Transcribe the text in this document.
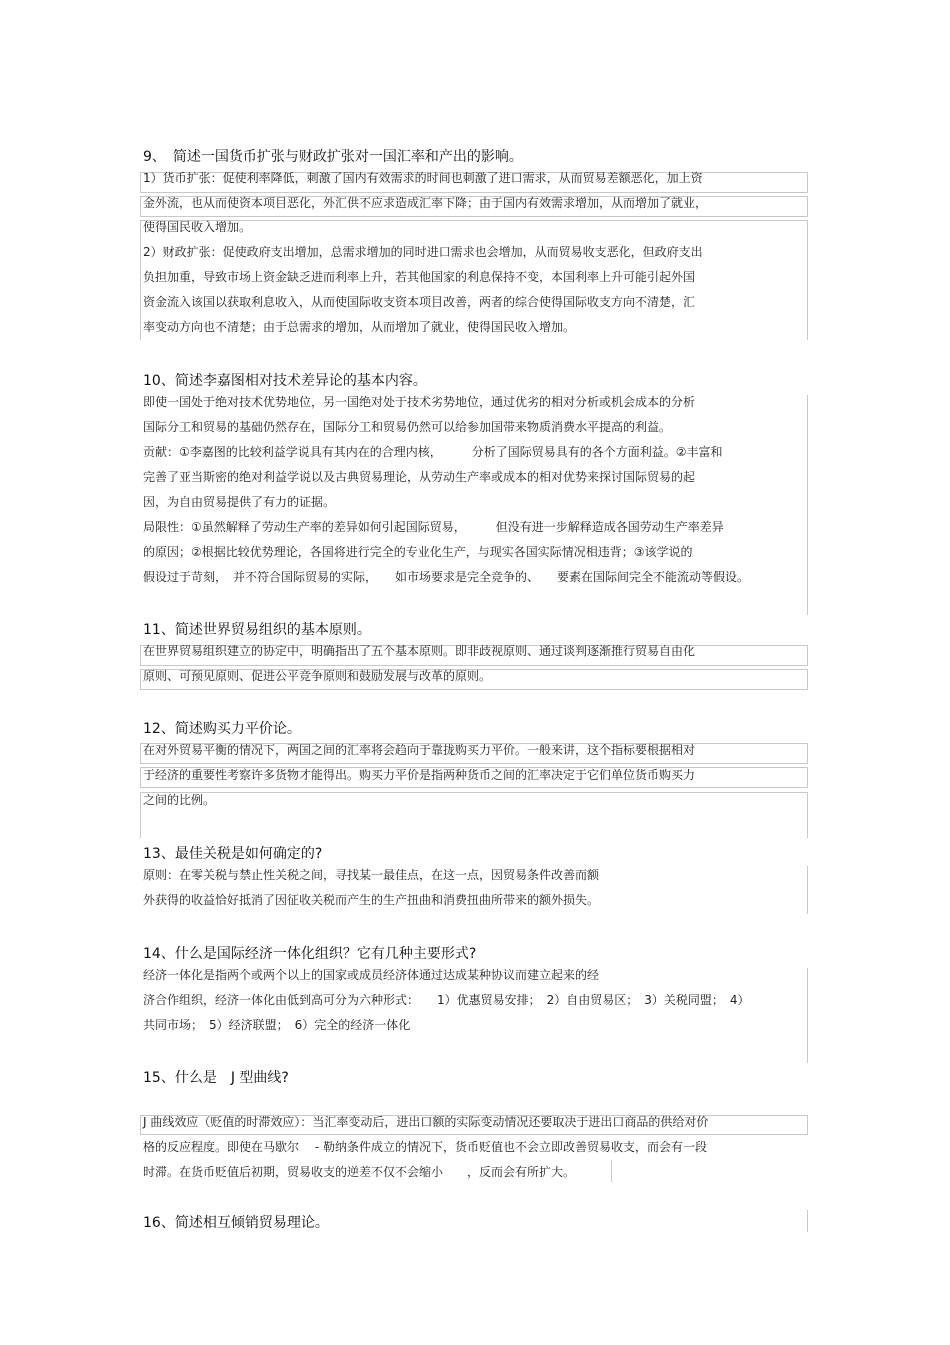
9、　简述一国货币扩张与财政扩张对一国汇率和产出的影响。
1）货币扩张：促使利率降低，刺激了国内有效需求的时间也刺激了进口需求，从而贸易差额恶化，加上资
金外流，也从而使资本项目恶化，外汇供不应求造成汇率下降；由于国内有效需求增加，从而增加了就业，
使得国民收入增加。
2）财政扩张：促使政府支出增加，总需求增加的同时进口需求也会增加，从而贸易收支恶化，但政府支出
负担加重，导致市场上资金缺乏进而利率上升，若其他国家的利息保持不变，本国利率上升可能引起外国
资金流入该国以获取利息收入，从而使国际收支资本项目改善，两者的综合使得国际收支方向不清楚，汇
率变动方向也不清楚；由于总需求的增加，从而增加了就业，使得国民收入增加。
10、简述李嘉图相对技术差异论的基本内容。
即使一国处于绝对技术优势地位，另一国绝对处于技术劣势地位，通过优劣的相对分析或机会成本的分析
国际分工和贸易的基础仍然存在，国际分工和贸易仍然可以给参加国带来物质消费水平提高的利益。
贡献：①李嘉图的比较利益学说具有其内在的合理内核，　　　分析了国际贸易具有的各个方面利益。②丰富和
完善了亚当斯密的绝对利益学说以及古典贸易理论，从劳动生产率或成本的相对优势来探讨国际贸易的起
因，为自由贸易提供了有力的证据。
局限性：①虽然解释了劳动生产率的差异如何引起国际贸易，　　　但没有进一步解释造成各国劳动生产率差异
的原因；②根据比较优势理论，各国将进行完全的专业化生产，与现实各国实际情况相违背；③该学说的
假设过于苛刻，　并不符合国际贸易的实际，　　如市场要求是完全竞争的、　　要素在国际间完全不能流动等假设。
11、简述世界贸易组织的基本原则。
在世界贸易组织建立的协定中，明确指出了五个基本原则。即非歧视原则、通过谈判逐渐推行贸易自由化
原则、可预见原则、促进公平竞争原则和鼓励发展与改革的原则。
12、简述购买力平价论。
在对外贸易平衡的情况下，两国之间的汇率将会趋向于靠拢购买力平价。一般来讲，这个指标要根据相对
于经济的重要性考察许多货物才能得出。购买力平价是指两种货币之间的汇率决定于它们单位货币购买力
之间的比例。
13、最佳关税是如何确定的?
原则：在零关税与禁止性关税之间，寻找某一最佳点，在这一点，因贸易条件改善而额
外获得的收益恰好抵消了因征收关税而产生的生产扭曲和消费扭曲所带来的额外损失。
14、什么是国际经济一体化组织？它有几种主要形式?
经济一体化是指两个或两个以上的国家或成员经济体通过达成某种协议而建立起来的经
济合作组织，经济一体化由低到高可分为六种形式：　　1）优惠贸易安排；　2）自由贸易区；　3）关税同盟；　4）
共同市场；　5）经济联盟；　6）完全的经济一体化
15、什么是　J 型曲线?
J 曲线效应（贬值的时滞效应）：当汇率变动后，进出口额的实际变动情况还要取决于进出口商品的供给对价
格的反应程度。即使在马歇尔　 - 勒纳条件成立的情况下，货币贬值也不会立即改善贸易收支，而会有一段
时滞。在货币贬值后初期，贸易收支的逆差不仅不会缩小　　，反而会有所扩大。
16、简述相互倾销贸易理论。
